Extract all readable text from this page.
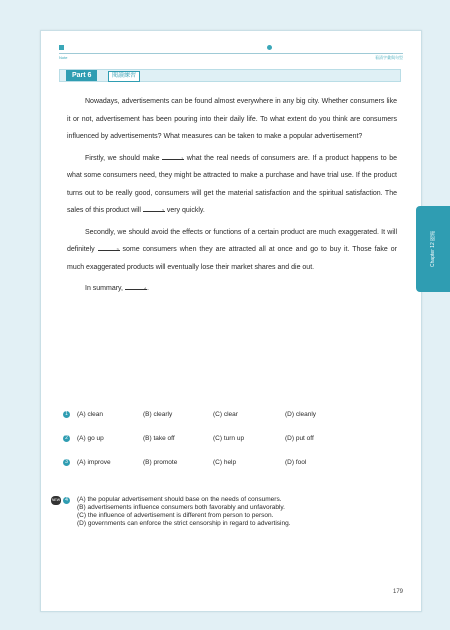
Note	看清字彙與句型
Part 6	閱讀練習

Nowadays, advertisements can be found almost everywhere in any big city. Whether consumers like it or not, advertisement has been pouring into their daily life. To what extent do you think are consumers influenced by advertisements? What measures can be taken to make a popular advertisement?

Firstly, we should make	1 what the real needs of consumers are. If a product happens to be what some consumers need, they might be attracted to make a purchase and have trial use. If the product turns out to be really good, consumers will get the material satisfaction and the spiritual satisfaction. The sales of this product will	2 very quickly.

Secondly, we should avoid the effects or functions of a certain product are much exaggerated. It will definitely	3 some consumers when they are attracted all at once and go to buy it. Those fake or much exaggerated products will eventually lose their market shares and die out.

In summary,	4 .

1	(A) clean	(B) clearly	(C) clear	(D) cleanly
2	(A) go up	(B) take off	(C) turn up	(D) put off
3	(A) improve	(B) promote	(C) help	(D) fool
NEW	4	(A) the popular advertisement should base on the needs of consumers.
(B) advertisements influence consumers both favorably and unfavorably.
(C) the influence of advertisement is different from person to person.
(D) governments can enforce the strict censorship in regard to advertising.
179
Chapter 12 閱讀
